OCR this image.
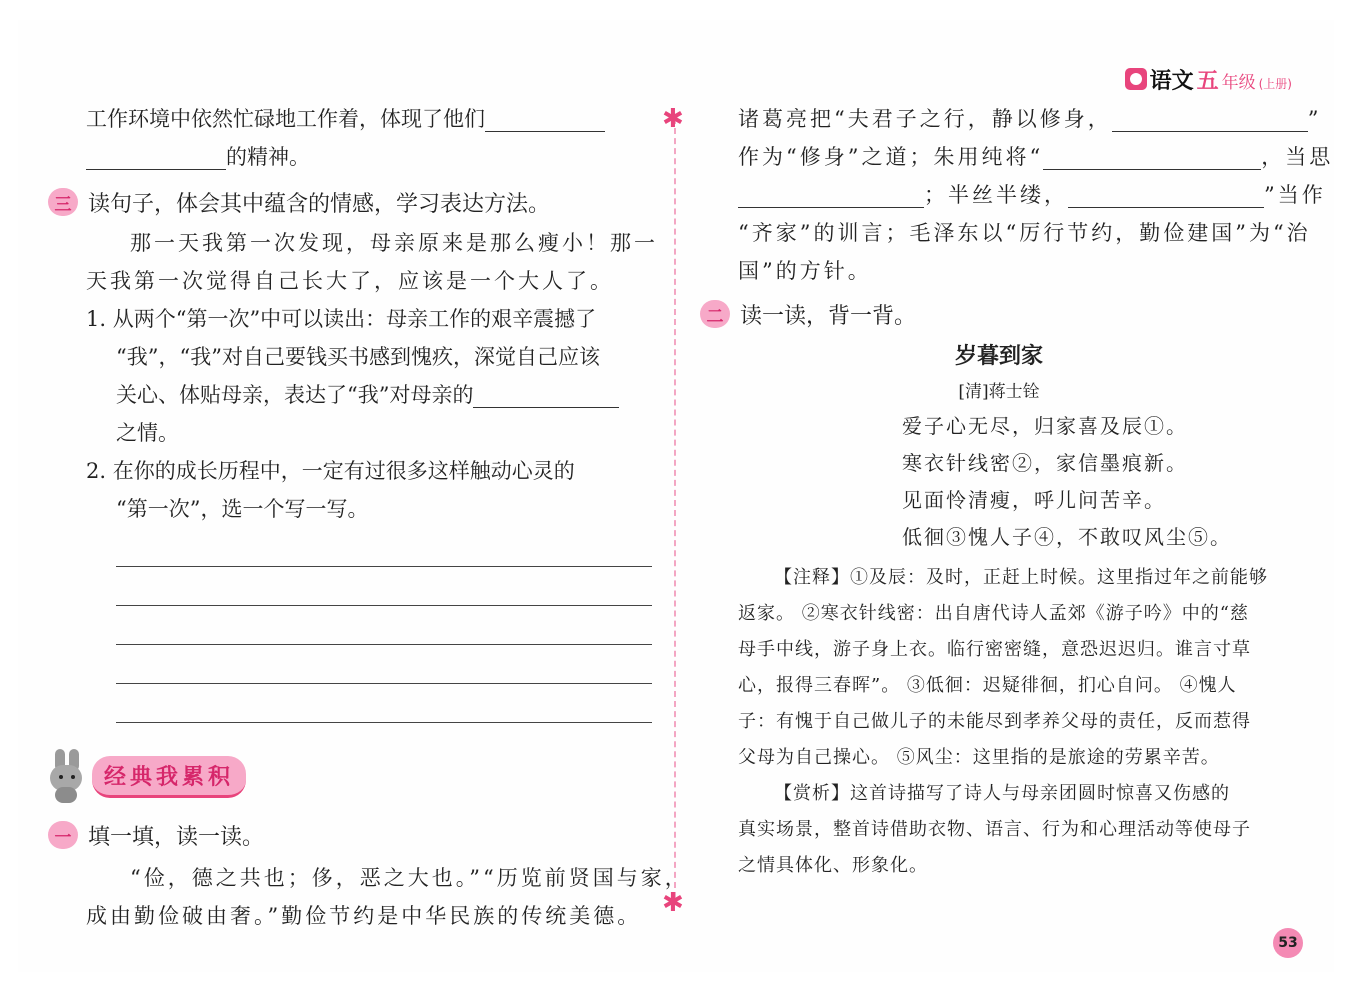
语文 五 年级 (上册)
✱
✱
工作环境中依然忙碌地工作着，体现了他们
的精神。
三 读句子，体会其中蕴含的情感，学习表达方法。
那一天我第一次发现，母亲原来是那么瘦小！那一
天我第一次觉得自己长大了，应该是一个大人了。
1. 从两个“第一次”中可以读出：母亲工作的艰辛震撼了
“我”，“我”对自己要钱买书感到愧疚，深觉自己应该
关心、体贴母亲，表达了“我”对母亲的
之情。
2. 在你的成长历程中，一定有过很多这样触动心灵的
“第一次”，选一个写一写。
经典我累积
一 填一填，读一读。
“俭，德之共也；侈，恶之大也。”“历览前贤国与家，
成由勤俭破由奢。”勤俭节约是中华民族的传统美德。
诸葛亮把“夫君子之行，静以修身，	”
作为“修身”之道；朱用纯将“	，当思
；半丝半缕，	”当作
“齐家”的训言；毛泽东以“厉行节约，勤俭建国”为“治
国”的方针。
二 读一读，背一背。
岁暮到家
[清]蒋士铨
爱子心无尽，归家喜及辰①。
寒衣针线密②，家信墨痕新。
见面怜清瘦，呼儿问苦辛。
低徊③愧人子④，不敢叹风尘⑤。
【注释】①及辰：及时，正赶上时候。这里指过年之前能够
返家。 ②寒衣针线密：出自唐代诗人孟郊《游子吟》中的“慈
母手中线，游子身上衣。临行密密缝，意恐迟迟归。谁言寸草
心，报得三春晖”。 ③低徊：迟疑徘徊，扪心自问。 ④愧人
子：有愧于自己做儿子的未能尽到孝养父母的责任，反而惹得
父母为自己操心。 ⑤风尘：这里指的是旅途的劳累辛苦。
【赏析】这首诗描写了诗人与母亲团圆时惊喜又伤感的
真实场景，整首诗借助衣物、语言、行为和心理活动等使母子
之情具体化、形象化。
53
